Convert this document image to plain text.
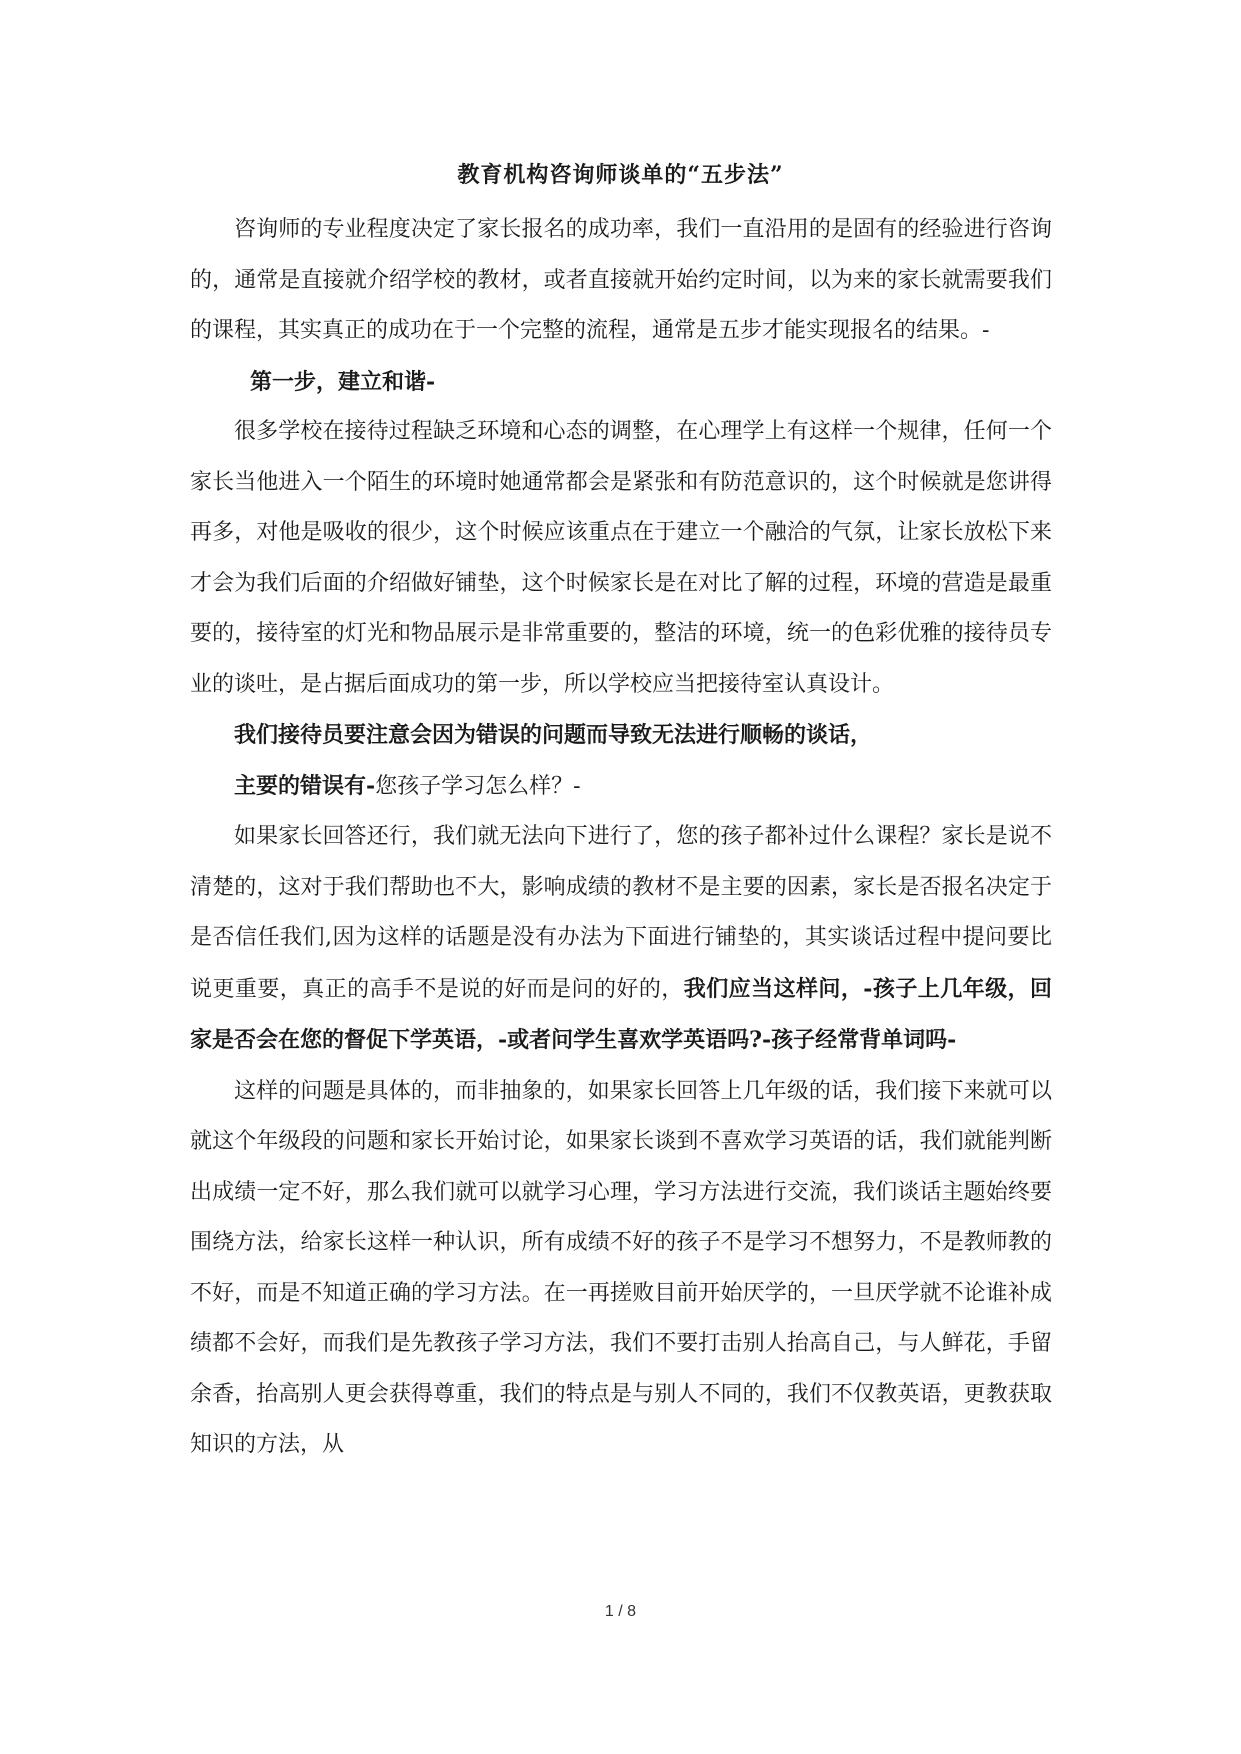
教育机构咨询师谈单的“五步法”

咨询师的专业程度决定了家长报名的成功率，我们一直沿用的是固有的经验进行咨询的，通常是直接就介绍学校的教材，或者直接就开始约定时间，以为来的家长就需要我们的课程，其实真正的成功在于一个完整的流程，通常是五步才能实现报名的结果。-

第一步，建立和谐-

很多学校在接待过程缺乏环境和心态的调整，在心理学上有这样一个规律，任何一个家长当他进入一个陌生的环境时她通常都会是紧张和有防范意识的，这个时候就是您讲得再多，对他是吸收的很少，这个时候应该重点在于建立一个融洽的气氛，让家长放松下来才会为我们后面的介绍做好铺垫，这个时候家长是在对比了解的过程，环境的营造是最重要的，接待室的灯光和物品展示是非常重要的，整洁的环境，统一的色彩优雅的接待员专业的谈吐，是占据后面成功的第一步，所以学校应当把接待室认真设计。

我们接待员要注意会因为错误的问题而导致无法进行顺畅的谈话，

主要的错误有-您孩子学习怎么样？-

如果家长回答还行，我们就无法向下进行了，您的孩子都补过什么课程？家长是说不清楚的，这对于我们帮助也不大，影响成绩的教材不是主要的因素，家长是否报名决定于是否信任我们,因为这样的话题是没有办法为下面进行铺垫的，其实谈话过程中提问要比说更重要，真正的高手不是说的好而是问的好的，我们应当这样问，-孩子上几年级，回家是否会在您的督促下学英语，-或者问学生喜欢学英语吗?-孩子经常背单词吗-

这样的问题是具体的，而非抽象的，如果家长回答上几年级的话，我们接下来就可以就这个年级段的问题和家长开始讨论，如果家长谈到不喜欢学习英语的话，我们就能判断出成绩一定不好，那么我们就可以就学习心理，学习方法进行交流，我们谈话主题始终要围绕方法，给家长这样一种认识，所有成绩不好的孩子不是学习不想努力，不是教师教的不好，而是不知道正确的学习方法。在一再搓败目前开始厌学的，一旦厌学就不论谁补成绩都不会好，而我们是先教孩子学习方法，我们不要打击别人抬高自己，与人鲜花，手留余香，抬高别人更会获得尊重，我们的特点是与别人不同的，我们不仅教英语，更教获取知识的方法，从

1 / 8
